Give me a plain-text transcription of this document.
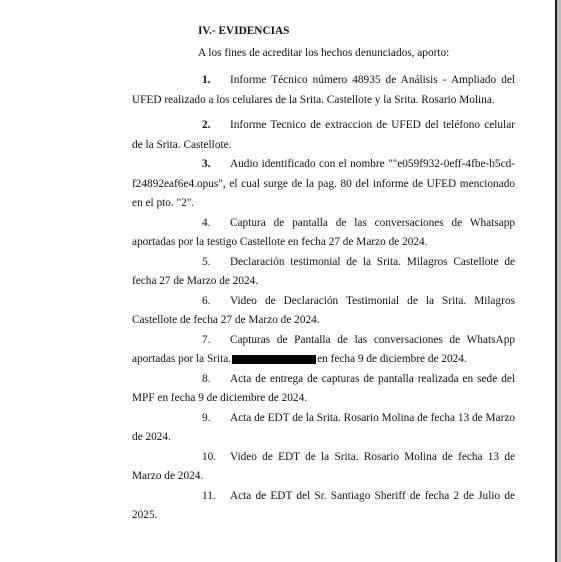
IV.- EVIDENCIAS

A los fines de acreditar los hechos denunciados, aporto:

1. Informe Técnico número 48935 de Análisis - Ampliado del UFED realizado a los celulares de la Srita. Castellote y la Srita. Rosario Molina.

2. Informe Tecnico de extraccion de UFED del teléfono celular de la Srita. Castellote.

3. Audio identificado con el nombre ""e059f932-0eff-4fbe-b5cd-f24892eaf6e4.opus", el cual surge de la pag. 80 del informe de UFED mencionado en el pto. "2".

4. Captura de pantalla de las conversaciones de Whatsapp aportadas por la testigo Castellote en fecha 27 de Marzo de 2024.

5. Declaración testimonial de la Srita. Milagros Castellote de fecha 27 de Marzo de 2024.

6. Video de Declaración Testimonial de la Srita. Milagros Castellote de fecha 27 de Marzo de 2024.

7. Capturas de Pantalla de las conversaciones de WhatsApp aportadas por la Srita.	en fecha 9 de diciembre de 2024.

8. Acta de entrega de capturas de pantalla realizada en sede del MPF en fecha 9 de diciembre de 2024.

9. Acta de EDT de la Srita. Rosario Molina de fecha 13 de Marzo de 2024.

10. Video de EDT de la Srita. Rosario Molina de fecha 13 de Marzo de 2024.

11. Acta de EDT del Sr. Santiago Sheriff de fecha 2 de Julio de 2025.
